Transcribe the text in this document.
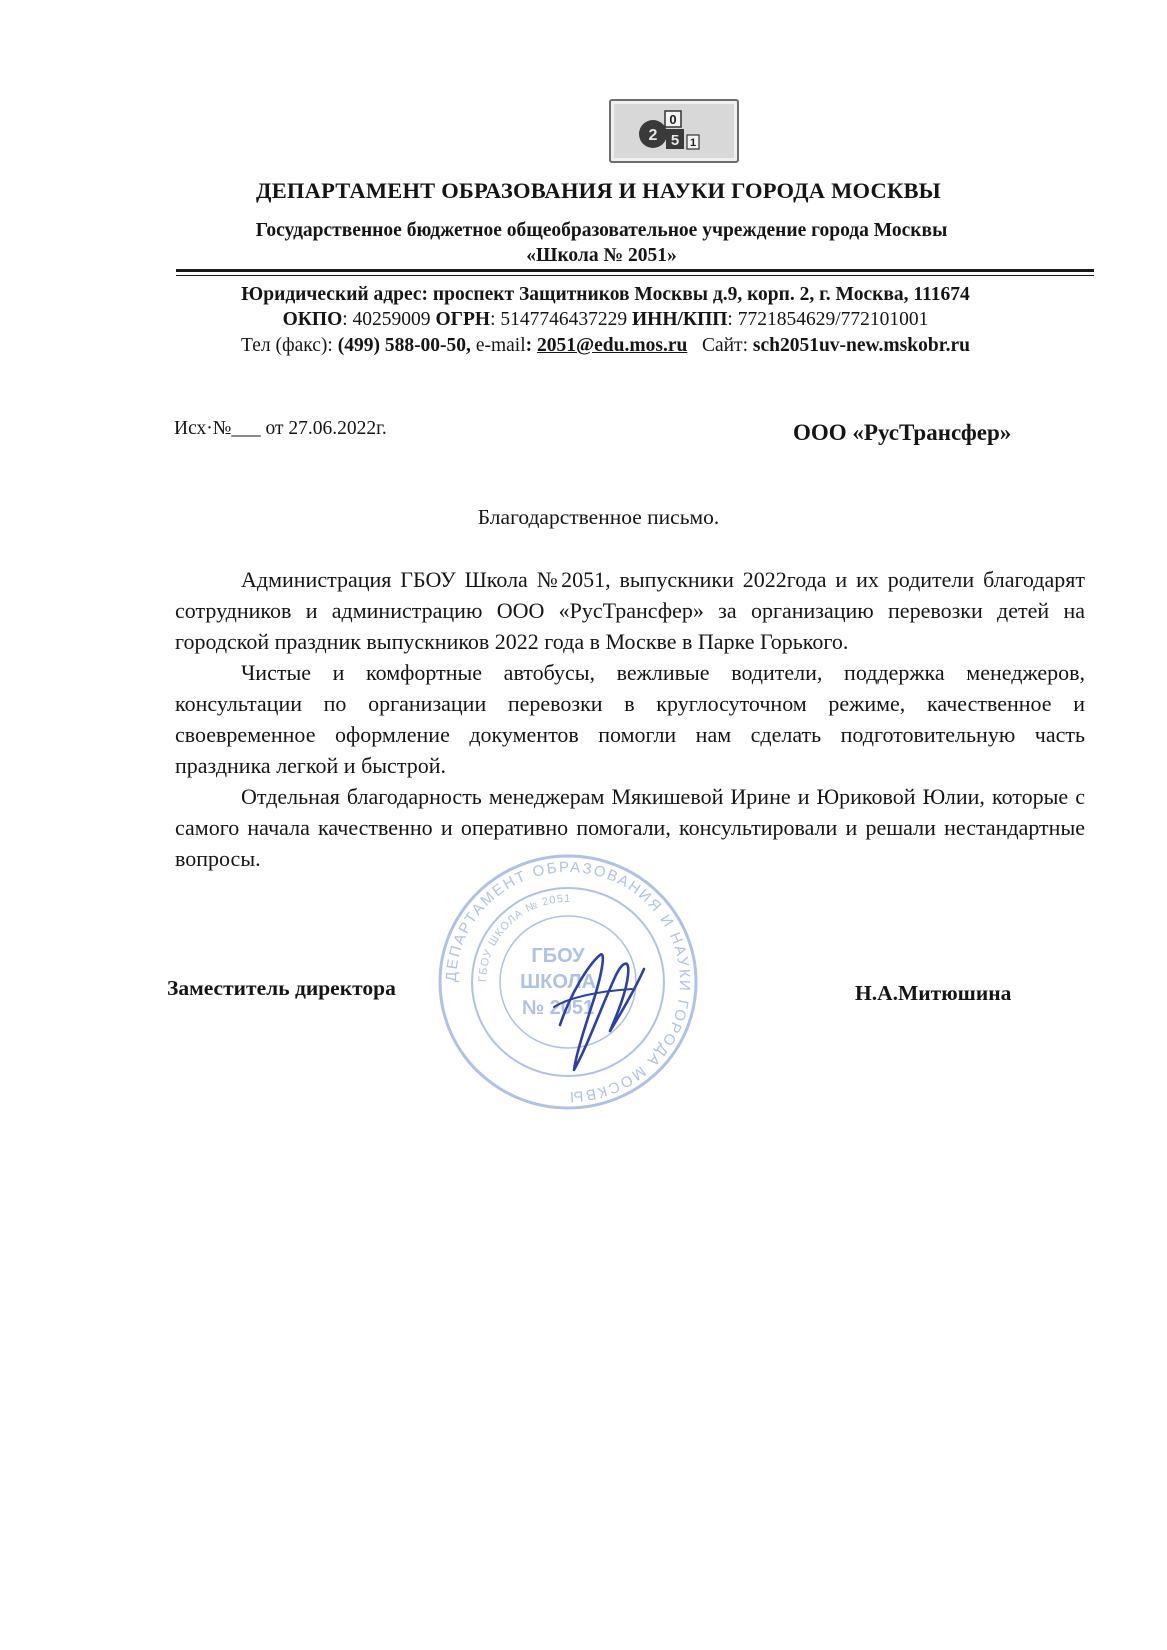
2
0
5 1
ДЕПАРТАМЕНТ ОБРАЗОВАНИЯ И НАУКИ ГОРОДА МОСКВЫ
Государственное бюджетное общеобразовательное учреждение города Москвы
«Школа № 2051»
Юридический адрес: проспект Защитников Москвы д.9, корп. 2, г. Москва, 111674
ОКПО: 40259009 ОГРН: 5147746437229 ИНН/КПП: 7721854629/772101001
Тел (факс): (499) 588-00-50, e-mail: 2051@edu.mos.ru   Сайт: sch2051uv-new.mskobr.ru
Исх·№___ от 27.06.2022г.	ООО «РусТрансфер»
Благодарственное письмо.

Администрация ГБОУ Школа №2051, выпускники 2022года и их родители благодарят сотрудников и администрацию ООО «РусТрансфер» за организацию перевозки детей на городской праздник выпускников 2022 года в Москве в Парке Горького.

Чистые и комфортные автобусы, вежливые водители, поддержка менеджеров, консультации по организации перевозки в круглосуточном режиме, качественное и своевременное оформление документов помогли нам сделать подготовительную часть праздника легкой и быстрой.

Отдельная благодарность менеджерам Мякишевой Ирине и Юриковой Юлии, которые с самого начала качественно и оперативно помогали, консультировали и решали нестандартные вопросы.

ДЕПАРТАМЕНТ ОБРАЗОВАНИЯ И НАУКИ ГОРОДА МОСКВЫ
ГБОУ ШКОЛА № 2051
ГБОУ
ШКОЛА
№ 2051
Заместитель директора	Н.А.Митюшина
